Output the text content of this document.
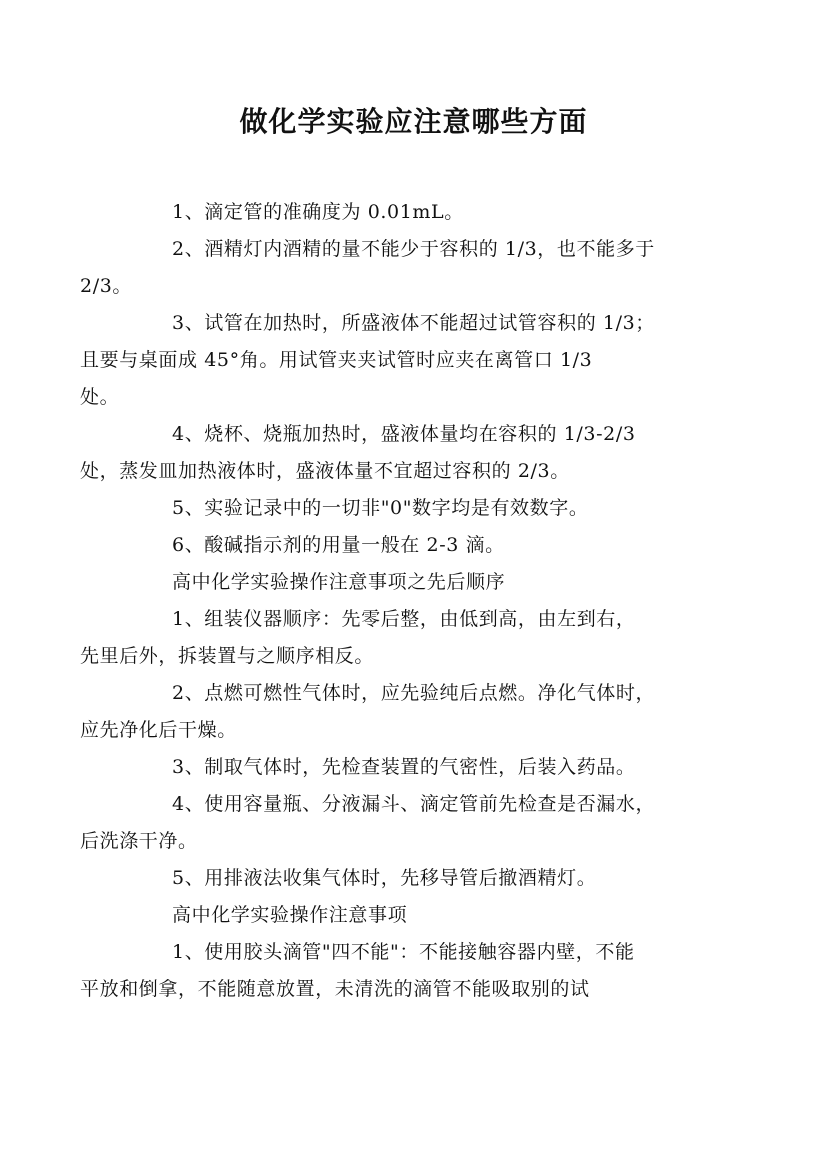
做化学实验应注意哪些方面

1、滴定管的准确度为 0.01mL。

2、酒精灯内酒精的量不能少于容积的 1/3，也不能多于
2/3。

3、试管在加热时，所盛液体不能超过试管容积的 1/3；
且要与桌面成 45°角。用试管夹夹试管时应夹在离管口 1/3
处。

4、烧杯、烧瓶加热时，盛液体量均在容积的 1/3-2/3
处，蒸发皿加热液体时，盛液体量不宜超过容积的 2/3。

5、实验记录中的一切非"0"数字均是有效数字。

6、酸碱指示剂的用量一般在 2-3 滴。

高中化学实验操作注意事项之先后顺序

1、组装仪器顺序：先零后整，由低到高，由左到右，
先里后外，拆装置与之顺序相反。

2、点燃可燃性气体时，应先验纯后点燃。净化气体时，
应先净化后干燥。

3、制取气体时，先检查装置的气密性，后装入药品。

4、使用容量瓶、分液漏斗、滴定管前先检查是否漏水，
后洗涤干净。

5、用排液法收集气体时，先移导管后撤酒精灯。

高中化学实验操作注意事项

1、使用胶头滴管"四不能"：不能接触容器内壁，不能
平放和倒拿，不能随意放置，未清洗的滴管不能吸取别的试
